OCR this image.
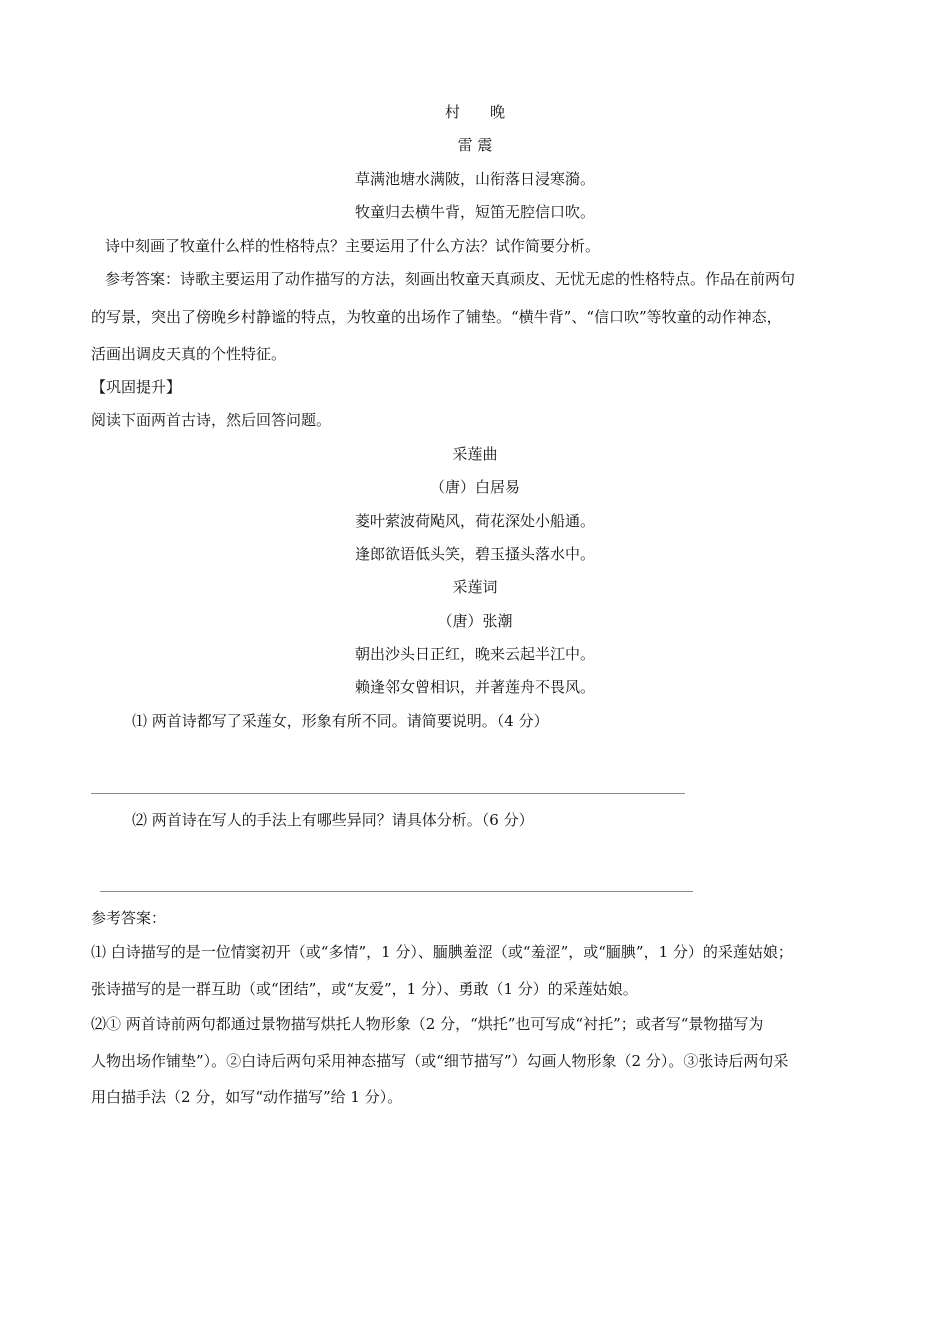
村　　晚
雷 震
草满池塘水满陂，山衔落日浸寒漪。
牧童归去横牛背，短笛无腔信口吹。
诗中刻画了牧童什么样的性格特点？主要运用了什么方法？试作简要分析。
参考答案：诗歌主要运用了动作描写的方法，刻画出牧童天真顽皮、无忧无虑的性格特点。作品在前两句
的写景，突出了傍晚乡村静谧的特点，为牧童的出场作了铺垫。“横牛背”、“信口吹”等牧童的动作神态，
活画出调皮天真的个性特征。
【巩固提升】
阅读下面两首古诗，然后回答问题。
采莲曲
（唐）白居易
菱叶萦波荷飐风，荷花深处小船通。
逢郎欲语低头笑，碧玉搔头落水中。
采莲词
（唐）张潮
朝出沙头日正红，晚来云起半江中。
赖逢邻女曾相识，并著莲舟不畏风。
⑴ 两首诗都写了采莲女，形象有所不同。请简要说明。（4 分）
⑵ 两首诗在写人的手法上有哪些异同？请具体分析。（6 分）
参考答案：
⑴ 白诗描写的是一位情窦初开（或“多情”，1 分）、腼腆羞涩（或“羞涩”，或“腼腆”，1 分）的采莲姑娘；
张诗描写的是一群互助（或“团结”，或“友爱”，1 分）、勇敢（1 分）的采莲姑娘。
⑵① 两首诗前两句都通过景物描写烘托人物形象（2 分，“烘托”也可写成“衬托”；或者写“景物描写为
人物出场作铺垫”）。②白诗后两句采用神态描写（或“细节描写”）勾画人物形象（2 分）。③张诗后两句采
用白描手法（2 分，如写“动作描写”给 1 分）。
